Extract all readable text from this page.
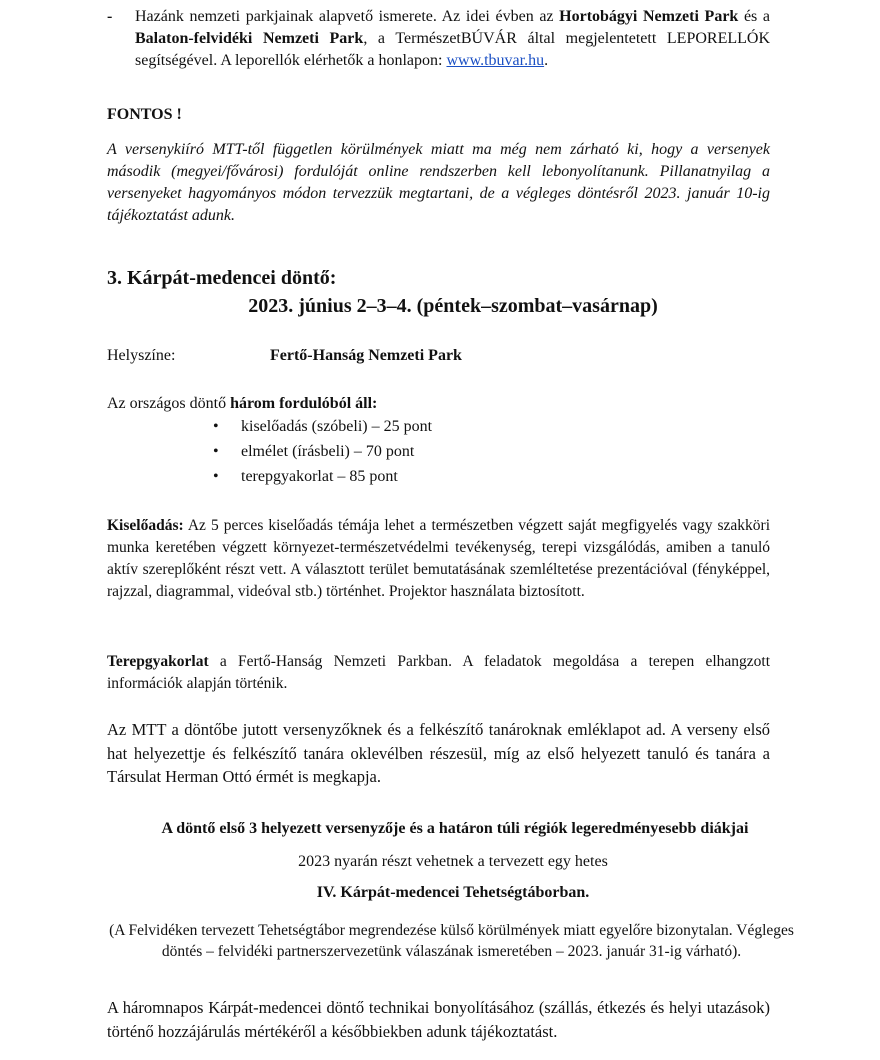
- Hazánk nemzeti parkjainak alapvető ismerete. Az idei évben az Hortobágyi Nemzeti Park és a Balaton-felvidéki Nemzeti Park, a TermészetBÚVÁR által megjelentetett LEPORELLÓK segítségével. A leporellók elérhetők a honlapon: www.tbuvar.hu.
FONTOS !
A versenykiíró MTT-től független körülmények miatt ma még nem zárható ki, hogy a versenyek második (megyei/fővárosi) fordulóját online rendszerben kell lebonyolítanunk. Pillanatnyilag a versenyeket hagyományos módon tervezzük megtartani, de a végleges döntésről 2023. január 10-ig tájékoztatást adunk.
3. Kárpát-medencei döntő:
2023. június 2–3–4. (péntek–szombat–vasárnap)
Helyszíne:	Fertő-Hanság Nemzeti Park
Az országos döntő három fordulóból áll:
• kiselőadás (szóbeli) – 25 pont
• elmélet (írásbeli) – 70 pont
• terepgyakorlat – 85 pont
Kiselőadás: Az 5 perces kiselőadás témája lehet a természetben végzett saját megfigyelés vagy szakköri munka keretében végzett környezet-természetvédelmi tevékenység, terepi vizsgálódás, amiben a tanuló aktív szereplőként részt vett. A választott terület bemutatásának szemléltetése prezentációval (fényképpel, rajzzal, diagrammal, videóval stb.) történhet. Projektor használata biztosított.
Terepgyakorlat a Fertő-Hanság Nemzeti Parkban. A feladatok megoldása a terepen elhangzott információk alapján történik.
Az MTT a döntőbe jutott versenyzőknek és a felkészítő tanároknak emléklapot ad. A verseny első hat helyezettje és felkészítő tanára oklevélben részesül, míg az első helyezett tanuló és tanára a Társulat Herman Ottó érmét is megkapja.
A döntő első 3 helyezett versenyzője és a határon túli régiók legeredményesebb diákjai
2023 nyarán részt vehetnek a tervezett egy hetes
IV. Kárpát-medencei Tehetségtáborban.
(A Felvidéken tervezett Tehetségtábor megrendezése külső körülmények miatt egyelőre bizonytalan. Végleges döntés – felvidéki partnerszervezetünk válaszának ismeretében – 2023. január 31-ig várható).
A háromnapos Kárpát-medencei döntő technikai bonyolításához (szállás, étkezés és helyi utazások) történő hozzájárulás mértékéről a későbbiekben adunk tájékoztatást.
